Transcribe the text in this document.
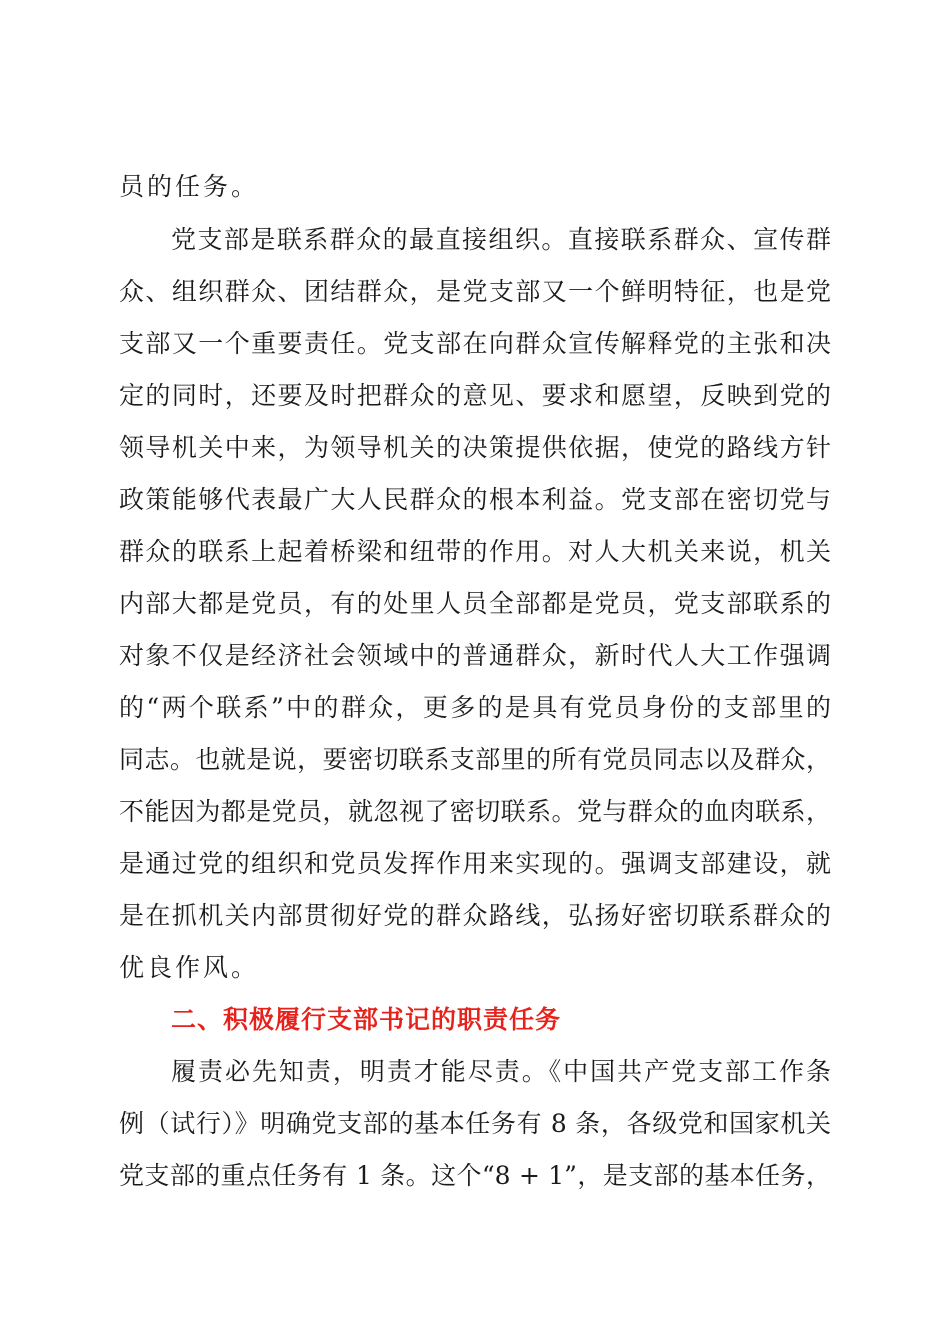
员的任务。
党支部是联系群众的最直接组织。直接联系群众、宣传群
众、组织群众、团结群众，是党支部又一个鲜明特征，也是党
支部又一个重要责任。党支部在向群众宣传解释党的主张和决
定的同时，还要及时把群众的意见、要求和愿望，反映到党的
领导机关中来，为领导机关的决策提供依据，使党的路线方针
政策能够代表最广大人民群众的根本利益。党支部在密切党与
群众的联系上起着桥梁和纽带的作用。对人大机关来说，机关
内部大都是党员，有的处里人员全部都是党员，党支部联系的
对象不仅是经济社会领域中的普通群众，新时代人大工作强调
的“两个联系”中的群众，更多的是具有党员身份的支部里的
同志。也就是说，要密切联系支部里的所有党员同志以及群众，
不能因为都是党员，就忽视了密切联系。党与群众的血肉联系，
是通过党的组织和党员发挥作用来实现的。强调支部建设，就
是在抓机关内部贯彻好党的群众路线，弘扬好密切联系群众的
优良作风。
二、积极履行支部书记的职责任务
履责必先知责，明责才能尽责。《中国共产党支部工作条
例（试行）》明确党支部的基本任务有 8 条，各级党和国家机关
党支部的重点任务有 1 条。这个“8 + 1”，是支部的基本任务，
